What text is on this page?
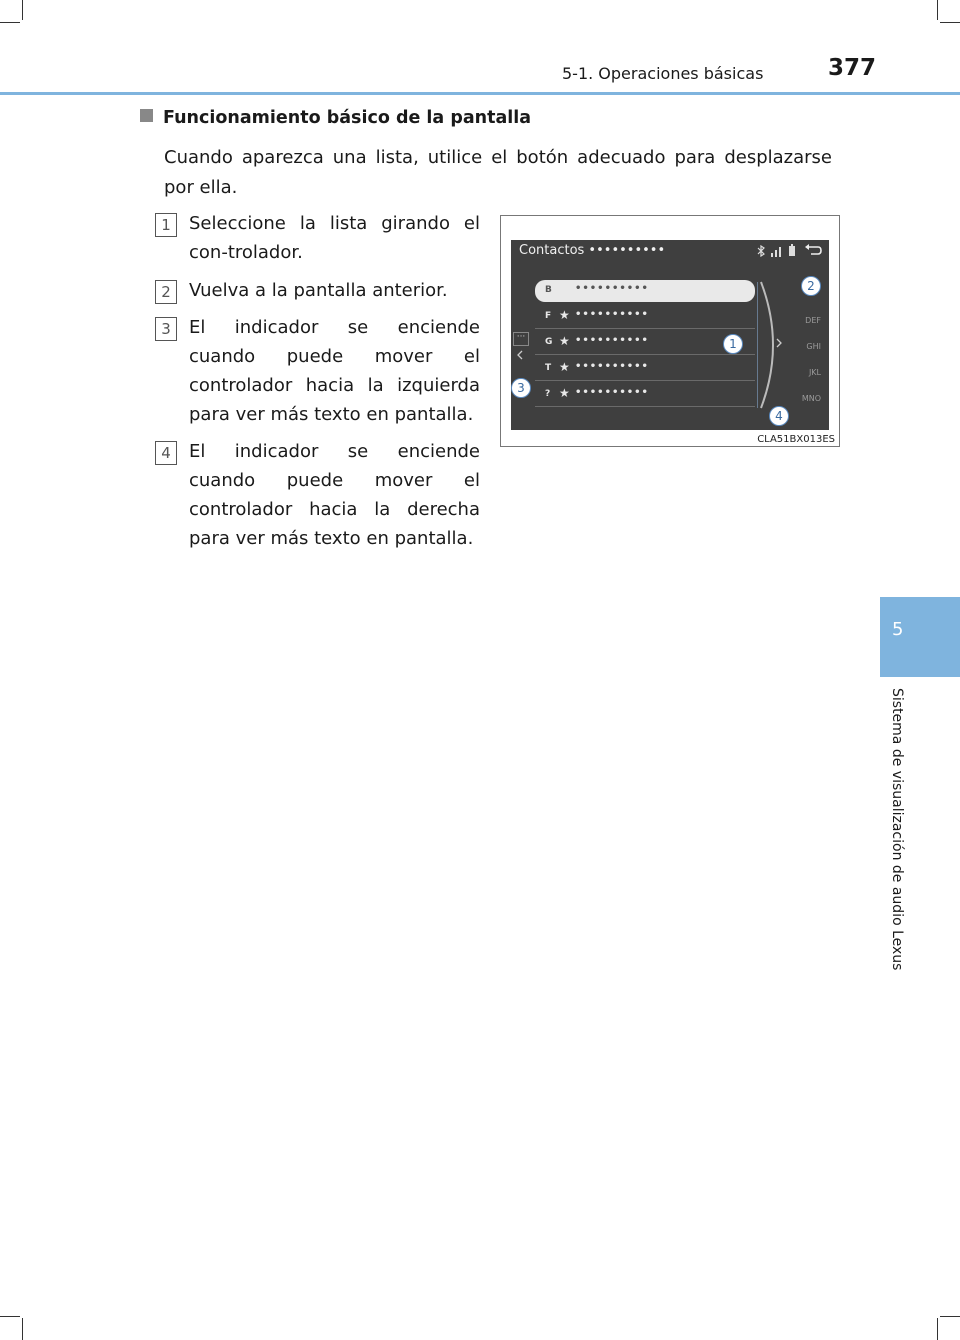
5-1. Operaciones básicas	377
5
Sistema de visualización de audio Lexus
Funcionamiento básico de la pantalla
Cuando aparezca una lista, utilice el botón adecuado para desplazarse por ella.
1	Seleccione la lista girando el con-trolador.
2	Vuelva a la pantalla anterior.
3	El indicador se enciende cuando puede mover el controlador hacia la izquierda para ver más texto en pantalla.
4	El indicador se enciende cuando puede mover el controlador hacia la derecha para ver más texto en pantalla.
Contactos ••••••••••
B ••••••••••
F ★ ••••••••••
G ★ ••••••••••
T ★ ••••••••••
? ★ ••••••••••
···
DEF
GHI
JKL
MNO
1
2
3
4
CLA51BX013ES
